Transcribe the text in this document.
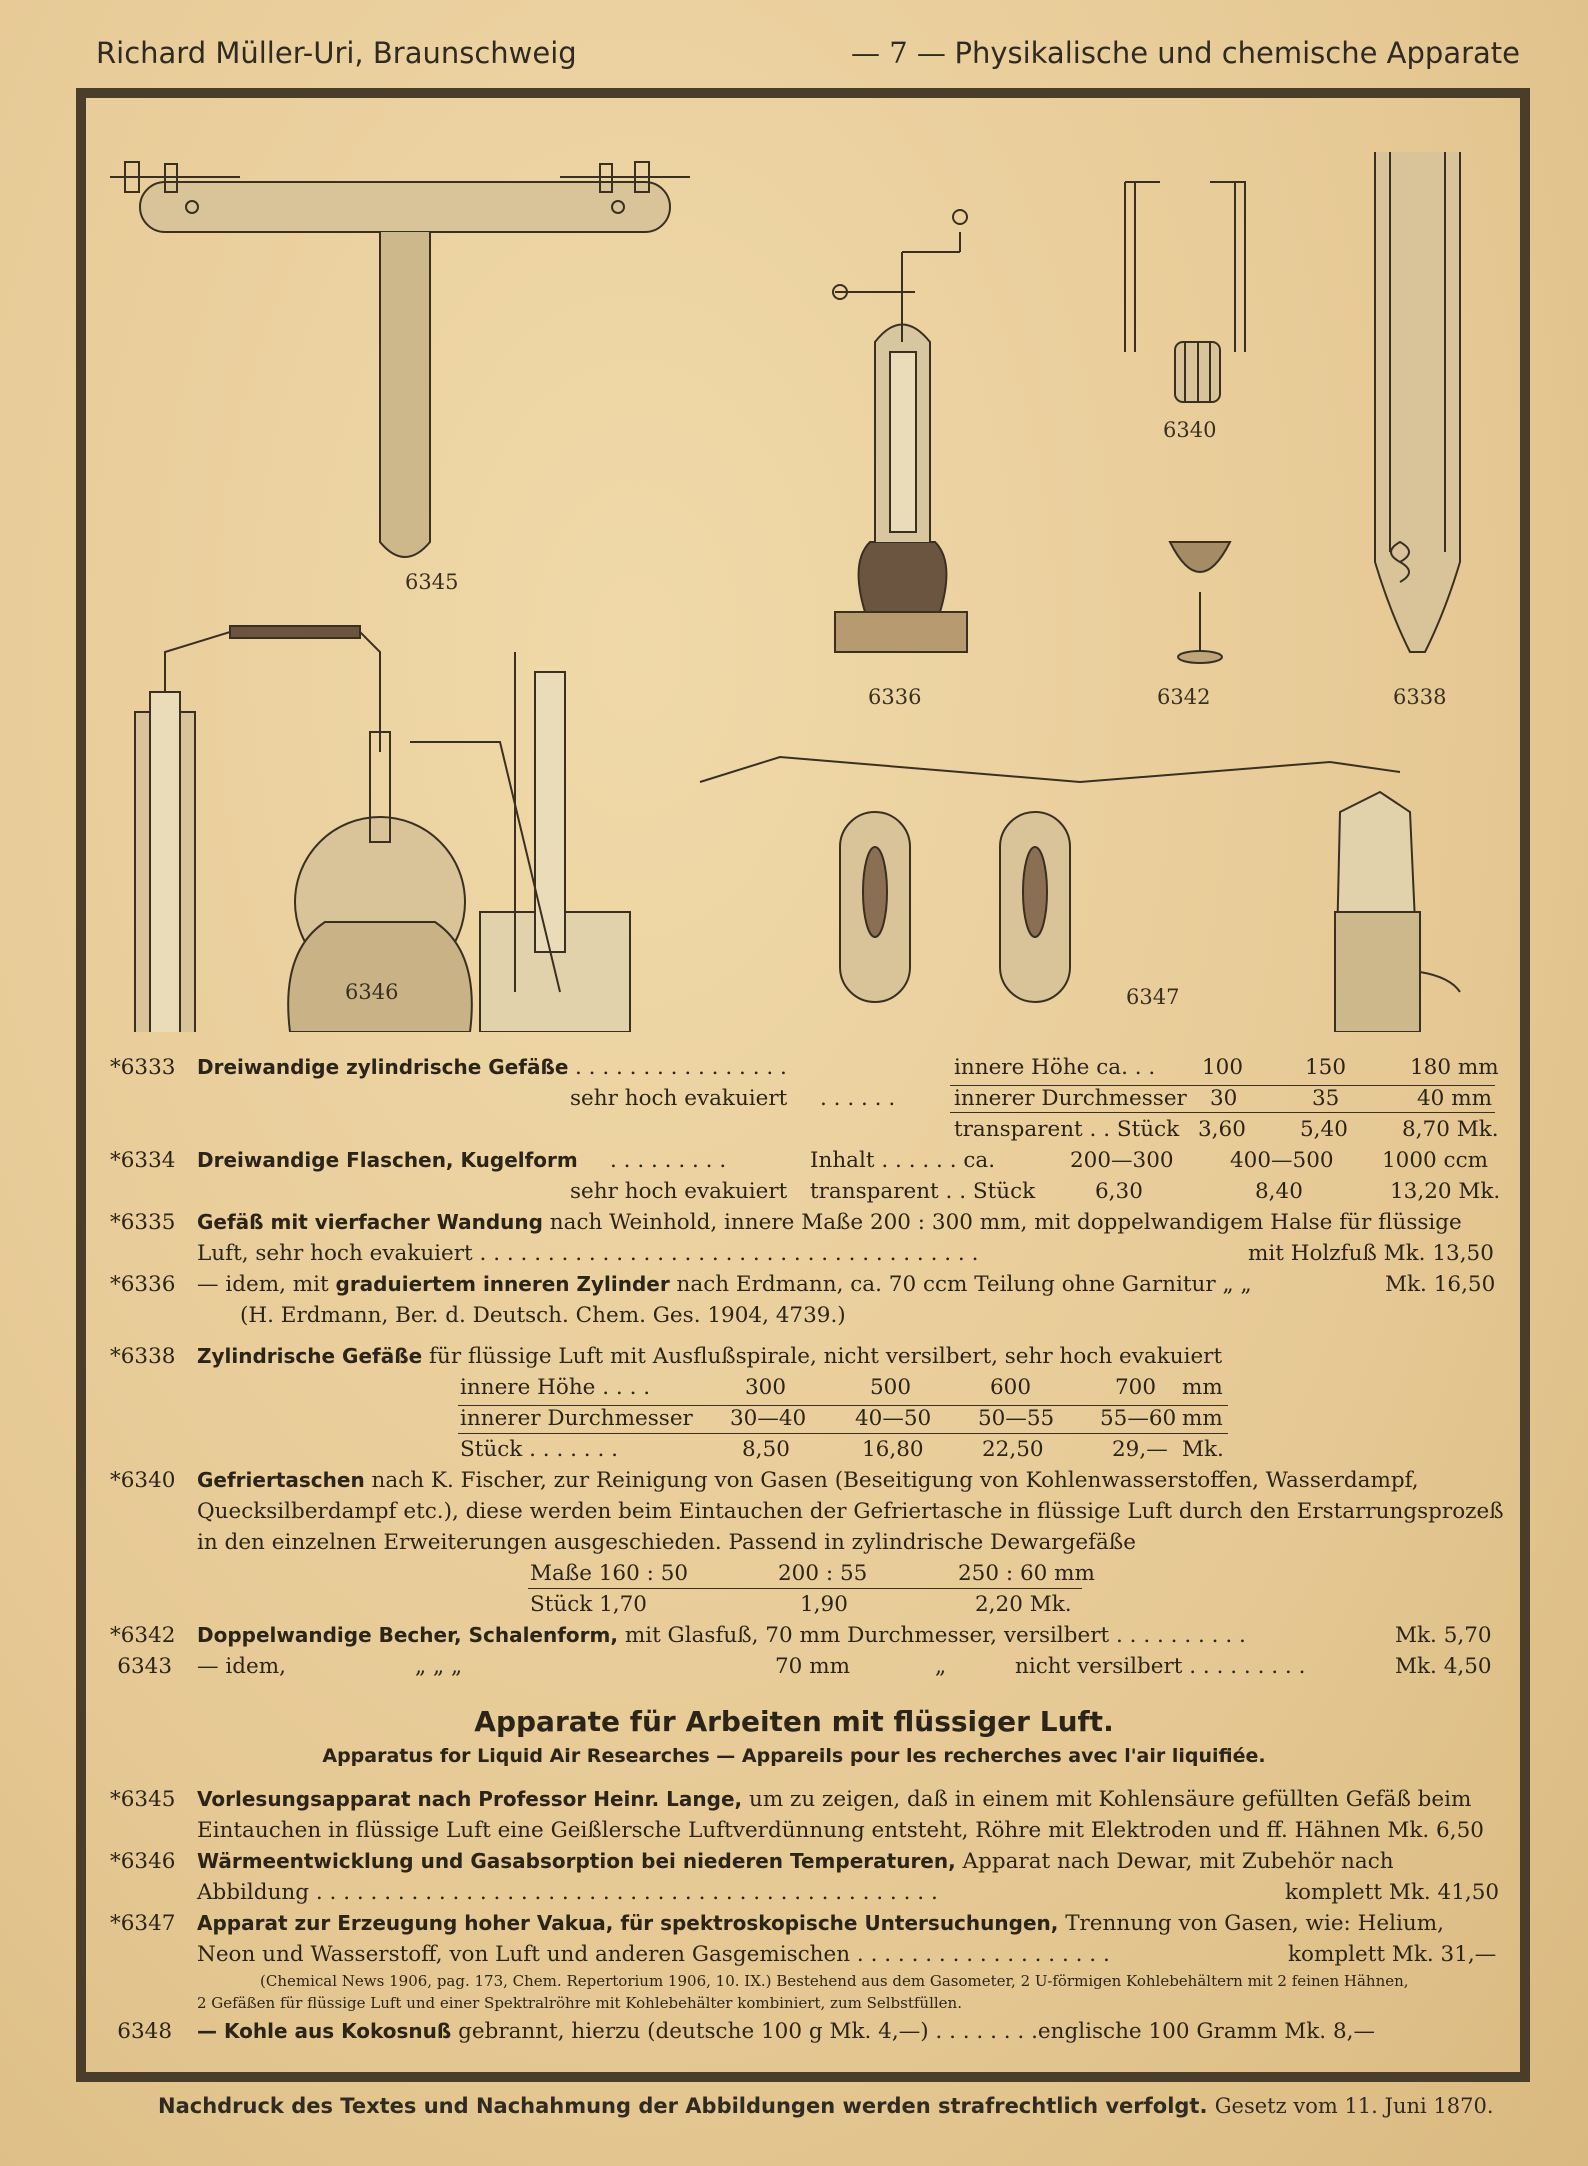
Richard Müller-Uri, Braunschweig	— 7 — Physikalische und chemische Apparate
6345
6336
6340
6342	6338
6346	6347
*6333 Dreiwandige zylindrische Gefäße . . . . . . . . . . . . . . . .	innere Höhe ca. . . 100	150	180 mm
sehr hoch evakuiert . . . . . .	innerer Durchmesser 30	35	40 mm
transparent . . Stück 3,60	5,40	8,70 Mk.
*6334 Dreiwandige Flaschen, Kugelform . . . . . . . . .	Inhalt . . . . . . ca.	200—300	400—500 1000 ccm
sehr hoch evakuiert transparent . . Stück	6,30	8,40	13,20 Mk.
*6335 Gefäß mit vierfacher Wandung nach Weinhold, innere Maße 200 : 300 mm, mit doppelwandigem Halse für flüssige
Luft, sehr hoch evakuiert . . . . . . . . . . . . . . . . . . . . . . . . . . . . . . . . . . . . .	mit Holzfuß Mk. 13,50
*6336 — idem, mit graduiertem inneren Zylinder nach Erdmann, ca. 70 ccm Teilung ohne Garnitur „ „	Mk. 16,50
(H. Erdmann, Ber. d. Deutsch. Chem. Ges. 1904, 4739.)
*6338 Zylindrische Gefäße für flüssige Luft mit Ausflußspirale, nicht versilbert, sehr hoch evakuiert
innere Höhe . . . .	300	500	600	700 mm
innerer Durchmesser 30—40 40—50 50—55 55—60 mm
Stück . . . . . . .	8,50	16,80	22,50	29,— Mk.
*6340 Gefriertaschen nach K. Fischer, zur Reinigung von Gasen (Beseitigung von Kohlenwasserstoffen, Wasserdampf,
Quecksilberdampf etc.), diese werden beim Eintauchen der Gefriertasche in flüssige Luft durch den Erstarrungsprozeß
in den einzelnen Erweiterungen ausgeschieden. Passend in zylindrische Dewargefäße
Maße 160 : 50	200 : 55	250 : 60 mm
Stück 1,70	1,90	2,20 Mk.
*6342 Doppelwandige Becher, Schalenform, mit Glasfuß, 70 mm Durchmesser, versilbert . . . . . . . . . .	Mk. 5,70
6343 — idem,	„ „ „	70 mm	„	nicht versilbert . . . . . . . . .	Mk. 4,50
Apparate für Arbeiten mit flüssiger Luft.
Apparatus for Liquid Air Researches — Appareils pour les recherches avec l'air liquifiée.
*6345 Vorlesungsapparat nach Professor Heinr. Lange, um zu zeigen, daß in einem mit Kohlensäure gefüllten Gefäß beim
Eintauchen in flüssige Luft eine Geißlersche Luftverdünnung entsteht, Röhre mit Elektroden und ff. Hähnen Mk. 6,50
*6346 Wärmeentwicklung und Gasabsorption bei niederen Temperaturen, Apparat nach Dewar, mit Zubehör nach
Abbildung . . . . . . . . . . . . . . . . . . . . . . . . . . . . . . . . . . . . . . . . . . . . . .	komplett Mk. 41,50
*6347 Apparat zur Erzeugung hoher Vakua, für spektroskopische Untersuchungen, Trennung von Gasen, wie: Helium,
Neon und Wasserstoff, von Luft und anderen Gasgemischen . . . . . . . . . . . . . . . . . . .	komplett Mk. 31,—
(Chemical News 1906, pag. 173, Chem. Repertorium 1906, 10. IX.) Bestehend aus dem Gasometer, 2 U-förmigen Kohlebehältern mit 2 feinen Hähnen,
2 Gefäßen für flüssige Luft und einer Spektralröhre mit Kohlebehälter kombiniert, zum Selbstfüllen.
6348 — Kohle aus Kokosnuß gebrannt, hierzu (deutsche 100 g Mk. 4,—) . . . . . . . .englische 100 Gramm Mk. 8,—
Nachdruck des Textes und Nachahmung der Abbildungen werden strafrechtlich verfolgt. Gesetz vom 11. Juni 1870.
